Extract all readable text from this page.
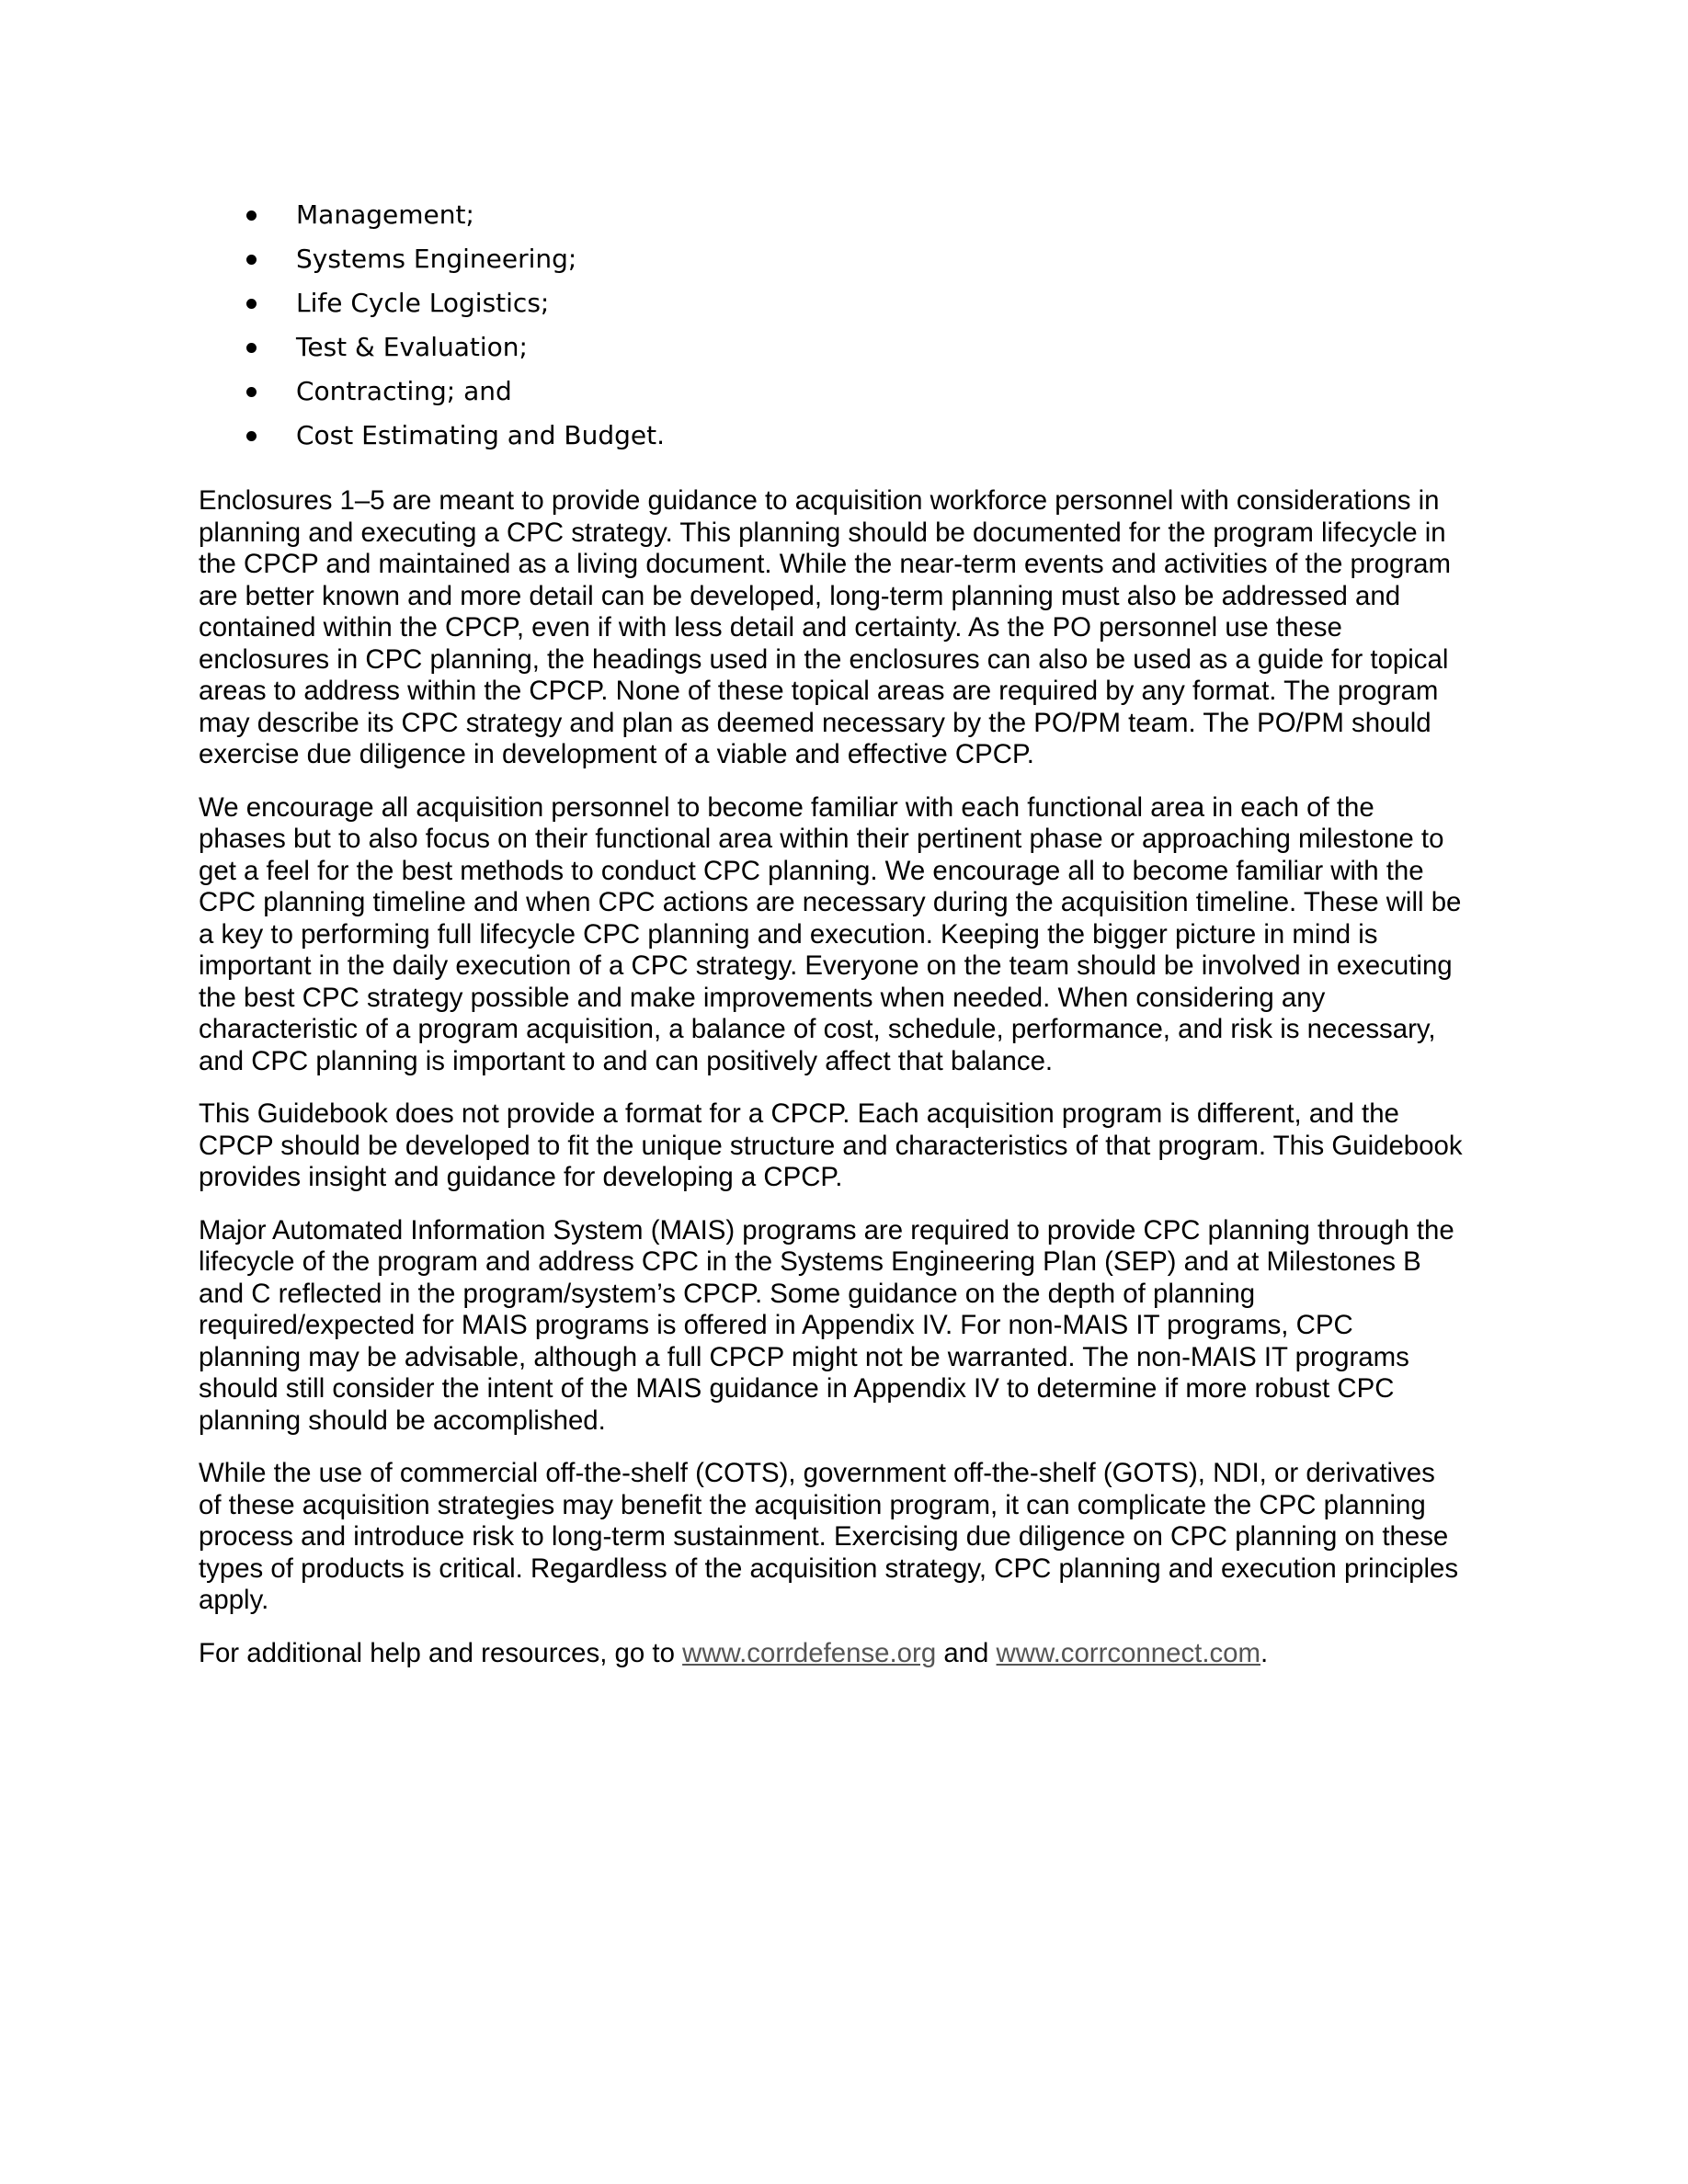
Management;
Systems Engineering;
Life Cycle Logistics;
Test & Evaluation;
Contracting; and
Cost Estimating and Budget.

Enclosures 1–5 are meant to provide guidance to acquisition workforce personnel with considerations in
planning and executing a CPC strategy. This planning should be documented for the program lifecycle in
the CPCP and maintained as a living document. While the near-term events and activities of the program
are better known and more detail can be developed, long-term planning must also be addressed and
contained within the CPCP, even if with less detail and certainty. As the PO personnel use these
enclosures in CPC planning, the headings used in the enclosures can also be used as a guide for topical
areas to address within the CPCP. None of these topical areas are required by any format. The program
may describe its CPC strategy and plan as deemed necessary by the PO/PM team. The PO/PM should
exercise due diligence in development of a viable and effective CPCP.

We encourage all acquisition personnel to become familiar with each functional area in each of the
phases but to also focus on their functional area within their pertinent phase or approaching milestone to
get a feel for the best methods to conduct CPC planning. We encourage all to become familiar with the
CPC planning timeline and when CPC actions are necessary during the acquisition timeline. These will be
a key to performing full lifecycle CPC planning and execution. Keeping the bigger picture in mind is
important in the daily execution of a CPC strategy. Everyone on the team should be involved in executing
the best CPC strategy possible and make improvements when needed. When considering any
characteristic of a program acquisition, a balance of cost, schedule, performance, and risk is necessary,
and CPC planning is important to and can positively affect that balance.

This Guidebook does not provide a format for a CPCP. Each acquisition program is different, and the
CPCP should be developed to fit the unique structure and characteristics of that program. This Guidebook
provides insight and guidance for developing a CPCP.

Major Automated Information System (MAIS) programs are required to provide CPC planning through the
lifecycle of the program and address CPC in the Systems Engineering Plan (SEP) and at Milestones B
and C reflected in the program/system’s CPCP. Some guidance on the depth of planning
required/expected for MAIS programs is offered in Appendix IV. For non-MAIS IT programs, CPC
planning may be advisable, although a full CPCP might not be warranted. The non-MAIS IT programs
should still consider the intent of the MAIS guidance in Appendix IV to determine if more robust CPC
planning should be accomplished.

While the use of commercial off-the-shelf (COTS), government off-the-shelf (GOTS), NDI, or derivatives
of these acquisition strategies may benefit the acquisition program, it can complicate the CPC planning
process and introduce risk to long-term sustainment. Exercising due diligence on CPC planning on these
types of products is critical. Regardless of the acquisition strategy, CPC planning and execution principles
apply.

For additional help and resources, go to www.corrdefense.org and www.corrconnect.com.
